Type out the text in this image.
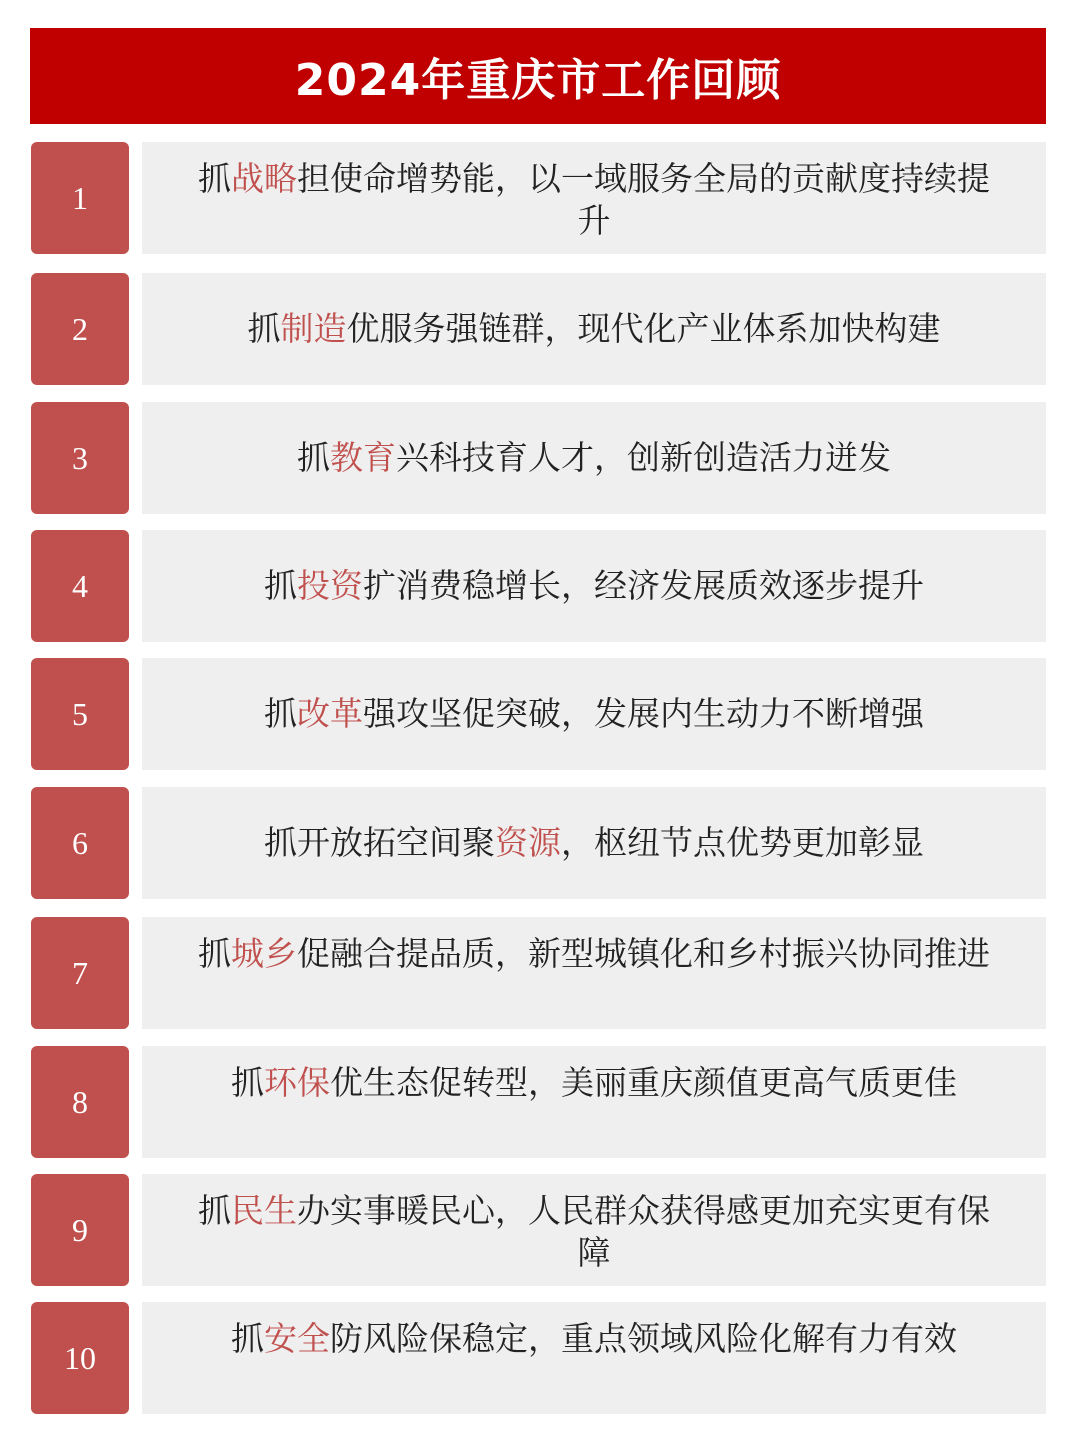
2024年重庆市工作回顾
1	抓战略担使命增势能，以一域服务全局的贡献度持续提升
2	抓制造优服务强链群，现代化产业体系加快构建
3	抓教育兴科技育人才，创新创造活力迸发
4	抓投资扩消费稳增长，经济发展质效逐步提升
5	抓改革强攻坚促突破，发展内生动力不断增强
6	抓开放拓空间聚资源，枢纽节点优势更加彰显
7	抓城乡促融合提品质，新型城镇化和乡村振兴协同推进
8	抓环保优生态促转型，美丽重庆颜值更高气质更佳
9	抓民生办实事暖民心，人民群众获得感更加充实更有保障
10	抓安全防风险保稳定，重点领域风险化解有力有效
